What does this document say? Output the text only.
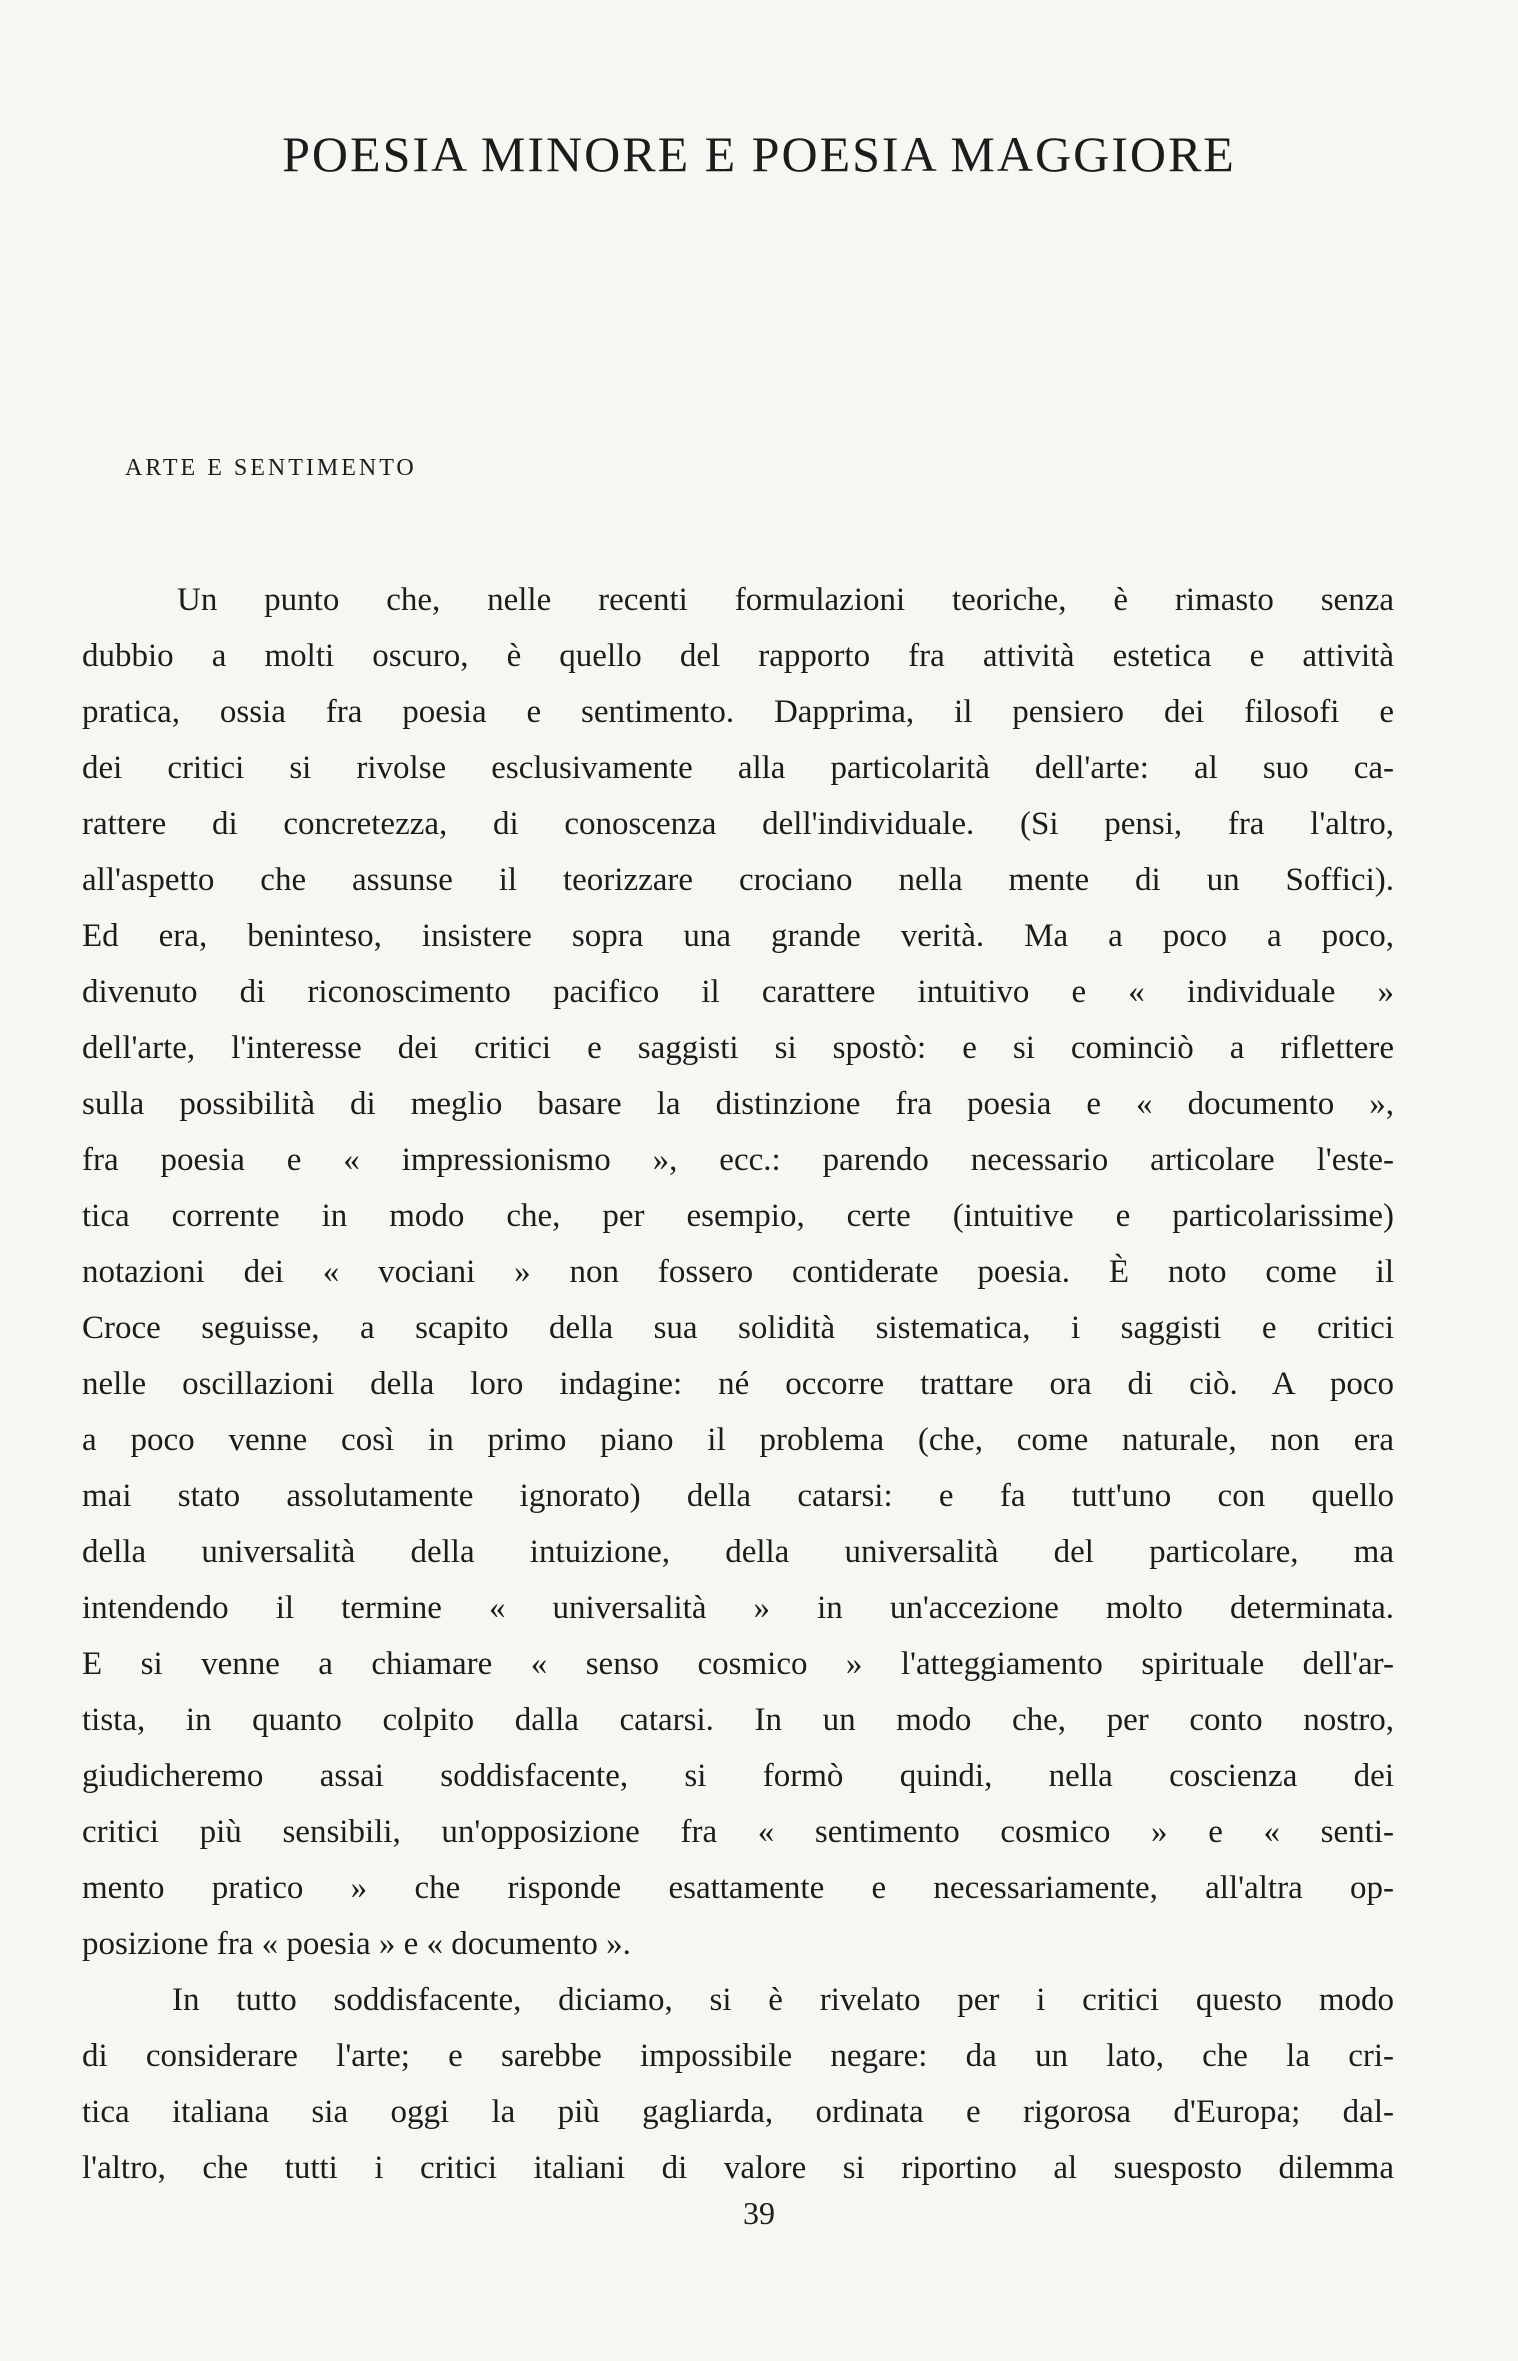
POESIA MINORE E POESIA MAGGIORE
ARTE E SENTIMENTO
Un punto che, nelle recenti formulazioni teoriche, è rimasto senza
dubbio a molti oscuro, è quello del rapporto fra attività estetica e attività
pratica, ossia fra poesia e sentimento. Dapprima, il pensiero dei filosofi e
dei critici si rivolse esclusivamente alla particolarità dell'arte: al suo ca-
rattere di concretezza, di conoscenza dell'individuale. (Si pensi, fra l'altro,
all'aspetto che assunse il teorizzare crociano nella mente di un Soffici).
Ed era, beninteso, insistere sopra una grande verità. Ma a poco a poco,
divenuto di riconoscimento pacifico il carattere intuitivo e « individuale »
dell'arte, l'interesse dei critici e saggisti si spostò: e si cominciò a riflettere
sulla possibilità di meglio basare la distinzione fra poesia e « documento »,
fra poesia e « impressionismo », ecc.: parendo necessario articolare l'este-
tica corrente in modo che, per esempio, certe (intuitive e particolarissime)
notazioni dei « vociani » non fossero contiderate poesia. È noto come il
Croce seguisse, a scapito della sua solidità sistematica, i saggisti e critici
nelle oscillazioni della loro indagine: né occorre trattare ora di ciò. A poco
a poco venne così in primo piano il problema (che, come naturale, non era
mai stato assolutamente ignorato) della catarsi: e fa tutt'uno con quello
della universalità della intuizione, della universalità del particolare, ma
intendendo il termine « universalità » in un'accezione molto determinata.
E si venne a chiamare « senso cosmico » l'atteggiamento spirituale dell'ar-
tista, in quanto colpito dalla catarsi. In un modo che, per conto nostro,
giudicheremo assai soddisfacente, si formò quindi, nella coscienza dei
critici più sensibili, un'opposizione fra « sentimento cosmico » e « senti-
mento pratico » che risponde esattamente e necessariamente, all'altra op-
posizione fra « poesia » e « documento ».
In tutto soddisfacente, diciamo, si è rivelato per i critici questo modo
di considerare l'arte; e sarebbe impossibile negare: da un lato, che la cri-
tica italiana sia oggi la più gagliarda, ordinata e rigorosa d'Europa; dal-
l'altro, che tutti i critici italiani di valore si riportino al suesposto dilemma
39
